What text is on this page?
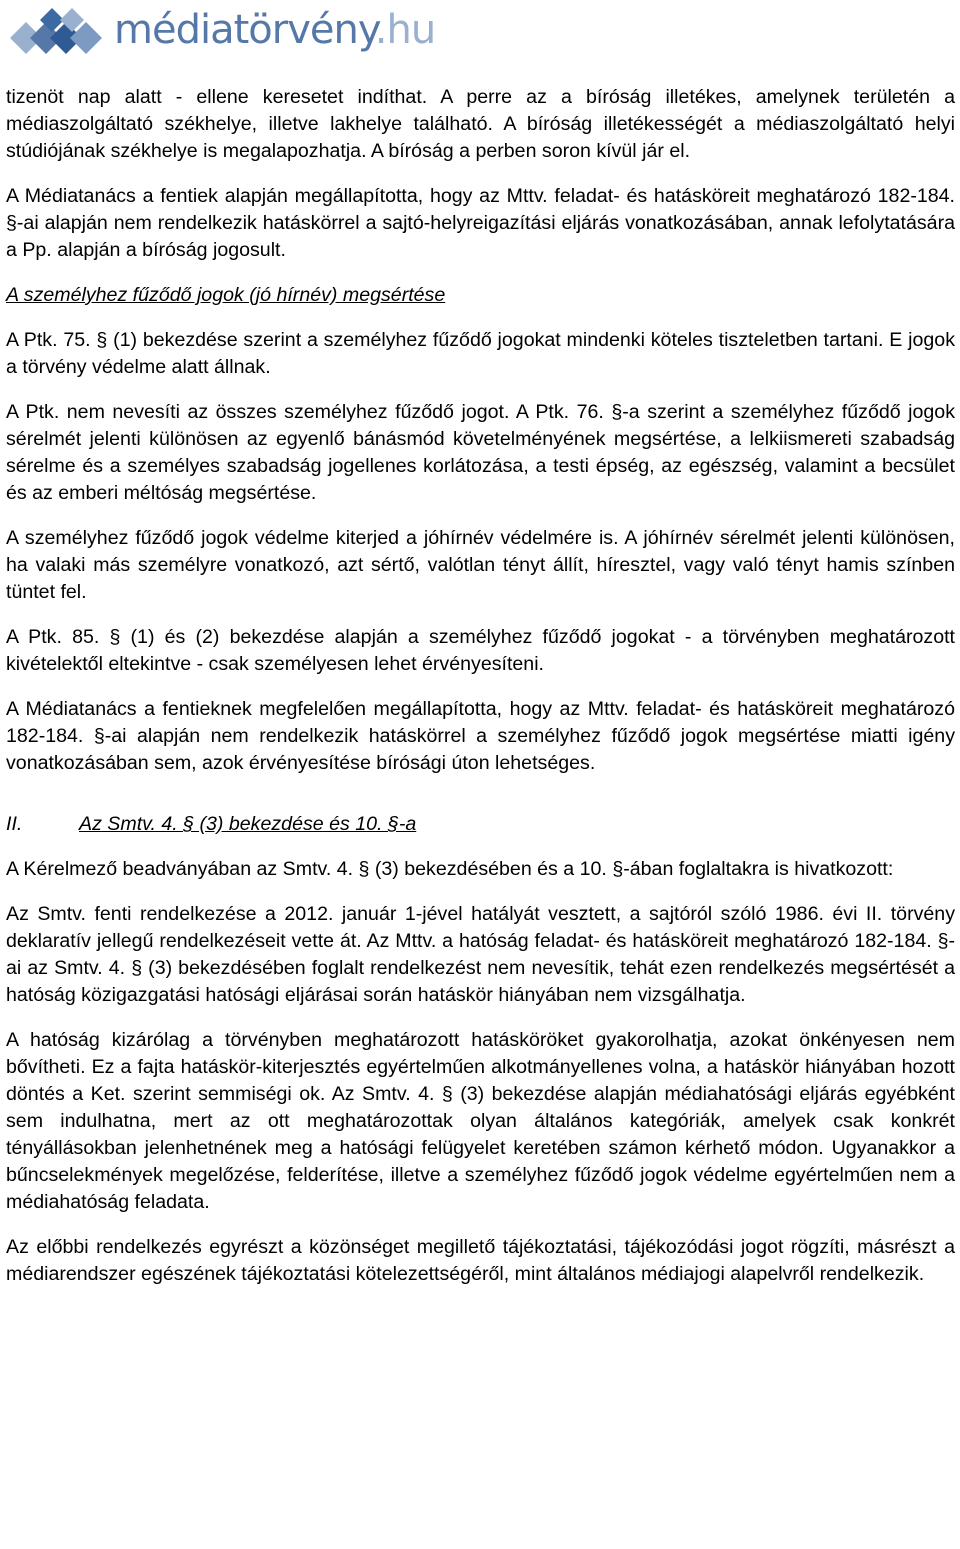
médiatörvény.hu

tizenöt nap alatt - ellene keresetet indíthat. A perre az a bíróság illetékes, amelynek területén a médiaszolgáltató székhelye, illetve lakhelye található. A bíróság illetékességét a médiaszolgáltató helyi stúdiójának székhelye is megalapozhatja. A bíróság a perben soron kívül jár el.

A Médiatanács a fentiek alapján megállapította, hogy az Mttv. feladat- és hatásköreit meghatározó 182-184. §-ai alapján nem rendelkezik hatáskörrel a sajtó-helyreigazítási eljárás vonatkozásában, annak lefolytatására a Pp. alapján a bíróság jogosult.

A személyhez fűződő jogok (jó hírnév) megsértése

A Ptk. 75. § (1) bekezdése szerint a személyhez fűződő jogokat mindenki köteles tiszteletben tartani. E jogok a törvény védelme alatt állnak.

A Ptk. nem nevesíti az összes személyhez fűződő jogot. A Ptk. 76. §-a szerint a személyhez fűződő jogok sérelmét jelenti különösen az egyenlő bánásmód követelményének megsértése, a lelkiismereti szabadság sérelme és a személyes szabadság jogellenes korlátozása, a testi épség, az egészség, valamint a becsület és az emberi méltóság megsértése.

A személyhez fűződő jogok védelme kiterjed a jóhírnév védelmére is. A jóhírnév sérelmét jelenti különösen, ha valaki más személyre vonatkozó, azt sértő, valótlan tényt állít, híresztel, vagy való tényt hamis színben tüntet fel.

A Ptk. 85. § (1) és (2) bekezdése alapján a személyhez fűződő jogokat - a törvényben meghatározott kivételektől eltekintve - csak személyesen lehet érvényesíteni.

A Médiatanács a fentieknek megfelelően megállapította, hogy az Mttv. feladat- és hatásköreit meghatározó 182-184. §-ai alapján nem rendelkezik hatáskörrel a személyhez fűződő jogok megsértése miatti igény vonatkozásában sem, azok érvényesítése bírósági úton lehetséges.

II.	Az Smtv. 4. § (3) bekezdése és 10. §-a

A Kérelmező beadványában az Smtv. 4. § (3) bekezdésében és a 10. §-ában foglaltakra is hivatkozott:

Az Smtv. fenti rendelkezése a 2012. január 1-jével hatályát vesztett, a sajtóról szóló 1986. évi II. törvény deklaratív jellegű rendelkezéseit vette át. Az Mttv. a hatóság feladat- és hatásköreit meghatározó 182-184. §-ai az Smtv. 4. § (3) bekezdésében foglalt rendelkezést nem nevesítik, tehát ezen rendelkezés megsértését a hatóság közigazgatási hatósági eljárásai során hatáskör hiányában nem vizsgálhatja.

A hatóság kizárólag a törvényben meghatározott hatásköröket gyakorolhatja, azokat önkényesen nem bővítheti. Ez a fajta hatáskör-kiterjesztés egyértelműen alkotmányellenes volna, a hatáskör hiányában hozott döntés a Ket. szerint semmiségi ok. Az Smtv. 4. § (3) bekezdése alapján médiahatósági eljárás egyébként sem indulhatna, mert az ott meghatározottak olyan általános kategóriák, amelyek csak konkrét tényállásokban jelenhetnének meg a hatósági felügyelet keretében számon kérhető módon. Ugyanakkor a bűncselekmények megelőzése, felderítése, illetve a személyhez fűződő jogok védelme egyértelműen nem a médiahatóság feladata.

Az előbbi rendelkezés egyrészt a közönséget megillető tájékoztatási, tájékozódási jogot rögzíti, másrészt a médiarendszer egészének tájékoztatási kötelezettségéről, mint általános médiajogi alapelvről rendelkezik.
